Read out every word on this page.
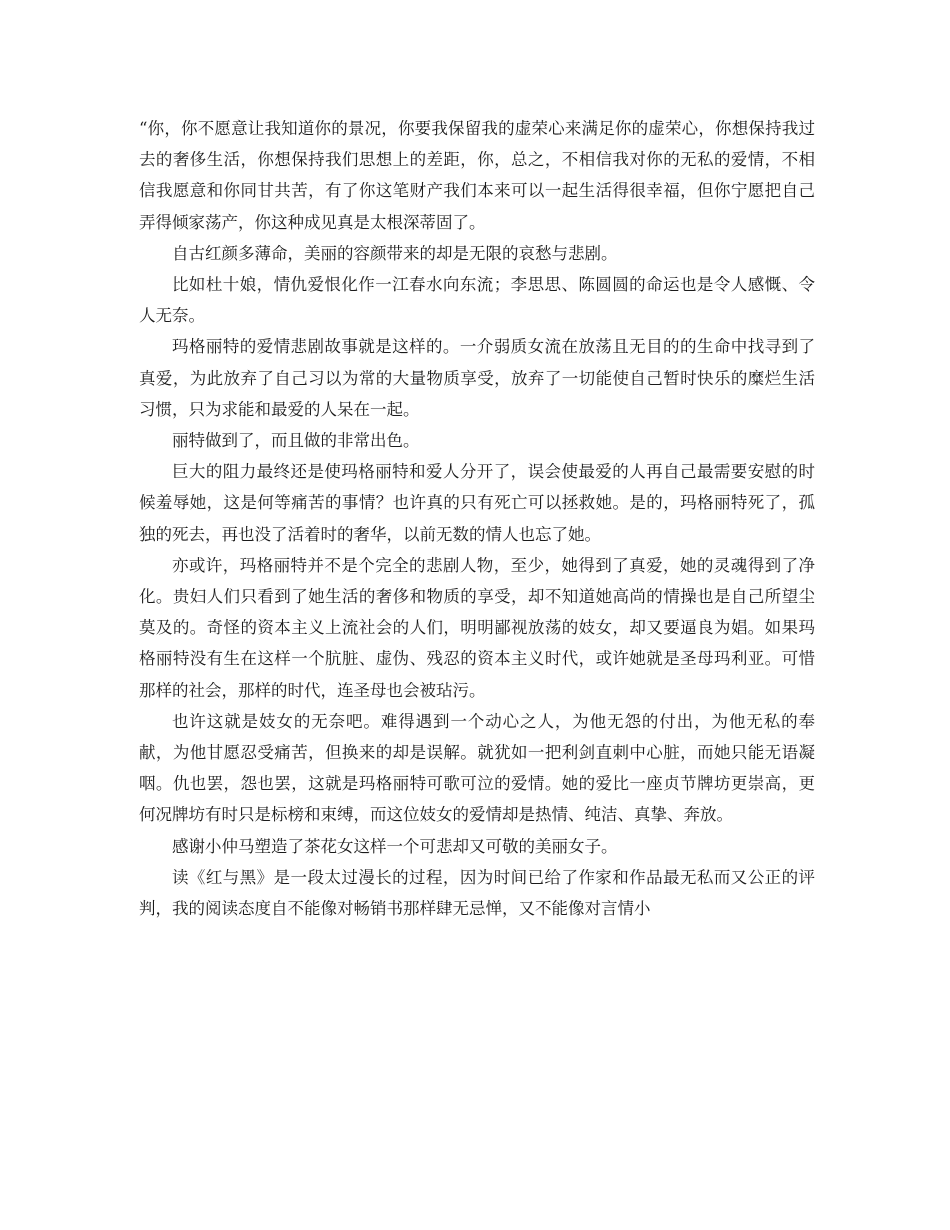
“你，你不愿意让我知道你的景况，你要我保留我的虚荣心来满足你的虚荣心，你想保持我过去的奢侈生活，你想保持我们思想上的差距，你，总之，不相信我对你的无私的爱情，不相信我愿意和你同甘共苦，有了你这笔财产我们本来可以一起生活得很幸福，但你宁愿把自己弄得倾家荡产，你这种成见真是太根深蒂固了。

自古红颜多薄命，美丽的容颜带来的却是无限的哀愁与悲剧。

比如杜十娘，情仇爱恨化作一江春水向东流；李思思、陈圆圆的命运也是令人感慨、令人无奈。

玛格丽特的爱情悲剧故事就是这样的。一介弱质女流在放荡且无目的的生命中找寻到了真爱，为此放弃了自己习以为常的大量物质享受，放弃了一切能使自己暂时快乐的糜烂生活习惯，只为求能和最爱的人呆在一起。

丽特做到了，而且做的非常出色。

巨大的阻力最终还是使玛格丽特和爱人分开了，误会使最爱的人再自己最需要安慰的时候羞辱她，这是何等痛苦的事情？也许真的只有死亡可以拯救她。是的，玛格丽特死了，孤独的死去，再也没了活着时的奢华，以前无数的情人也忘了她。

亦或许，玛格丽特并不是个完全的悲剧人物，至少，她得到了真爱，她的灵魂得到了净化。贵妇人们只看到了她生活的奢侈和物质的享受，却不知道她高尚的情操也是自己所望尘莫及的。奇怪的资本主义上流社会的人们，明明鄙视放荡的妓女，却又要逼良为娼。如果玛格丽特没有生在这样一个肮脏、虚伪、残忍的资本主义时代，或许她就是圣母玛利亚。可惜那样的社会，那样的时代，连圣母也会被玷污。

也许这就是妓女的无奈吧。难得遇到一个动心之人，为他无怨的付出，为他无私的奉献，为他甘愿忍受痛苦，但换来的却是误解。就犹如一把利剑直刺中心脏，而她只能无语凝咽。仇也罢，怨也罢，这就是玛格丽特可歌可泣的爱情。她的爱比一座贞节牌坊更崇高，更何况牌坊有时只是标榜和束缚，而这位妓女的爱情却是热情、纯洁、真挚、奔放。

感谢小仲马塑造了茶花女这样一个可悲却又可敬的美丽女子。

读《红与黑》是一段太过漫长的过程，因为时间已给了作家和作品最无私而又公正的评判，我的阅读态度自不能像对畅销书那样肆无忌惮，又不能像对言情小
